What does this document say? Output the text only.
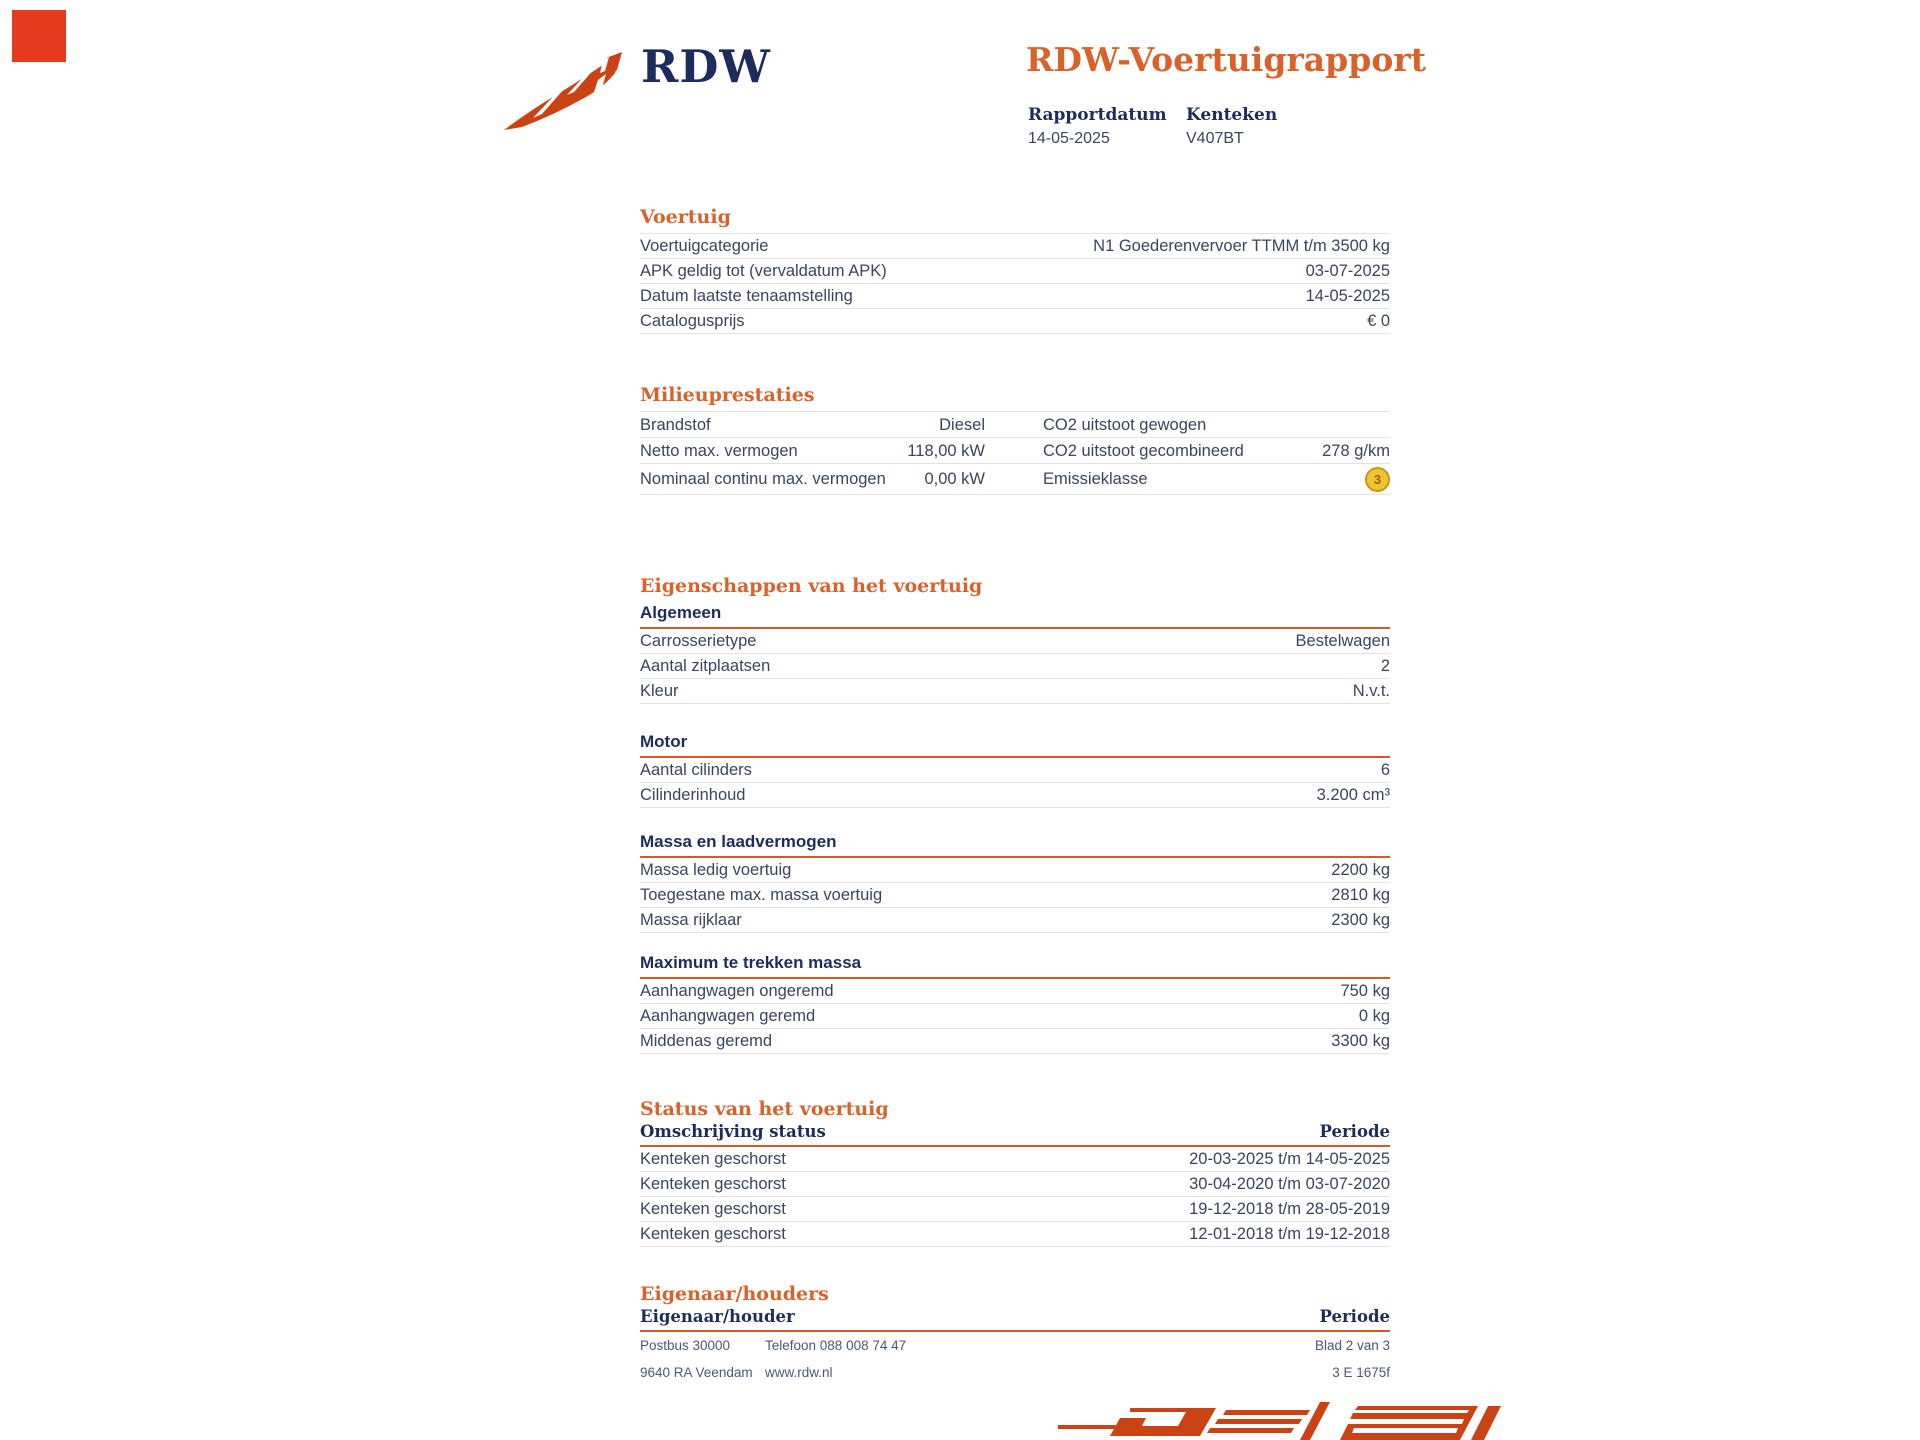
RDW	RDW-Voertuigrapport
Rapportdatum
14-05-2025
Kenteken
V407BT
Voertuig
Voertuigcategorie	N1 Goederenvervoer TTMM t/m 3500 kg
APK geldig tot (vervaldatum APK)	03-07-2025
Datum laatste tenaamstelling	14-05-2025
Catalogusprijs	€ 0
Milieuprestaties
Brandstof	Diesel	CO2 uitstoot gewogen
Netto max. vermogen	118,00 kW	CO2 uitstoot gecombineerd	278 g/km
Nominaal continu max. vermogen 0,00 kW	Emissieklasse	3
Eigenschappen van het voertuig
Algemeen
Carrosserietype	Bestelwagen
Aantal zitplaatsen	2
Kleur	N.v.t.
Motor
Aantal cilinders	6
Cilinderinhoud	3.200 cm³
Massa en laadvermogen
Massa ledig voertuig	2200 kg
Toegestane max. massa voertuig	2810 kg
Massa rijklaar	2300 kg
Maximum te trekken massa
Aanhangwagen ongeremd	750 kg
Aanhangwagen geremd	0 kg
Middenas geremd	3300 kg
Status van het voertuig
Omschrijving status	Periode
Kenteken geschorst	20-03-2025 t/m 14-05-2025
Kenteken geschorst	30-04-2020 t/m 03-07-2020
Kenteken geschorst	19-12-2018 t/m 28-05-2019
Kenteken geschorst	12-01-2018 t/m 19-12-2018
Eigenaar/houders
Eigenaar/houder	Periode
Postbus 30000	Telefoon 088 008 74 47	Blad 2 van 3
9640 RA Veendam www.rdw.nl	3 E 1675f
